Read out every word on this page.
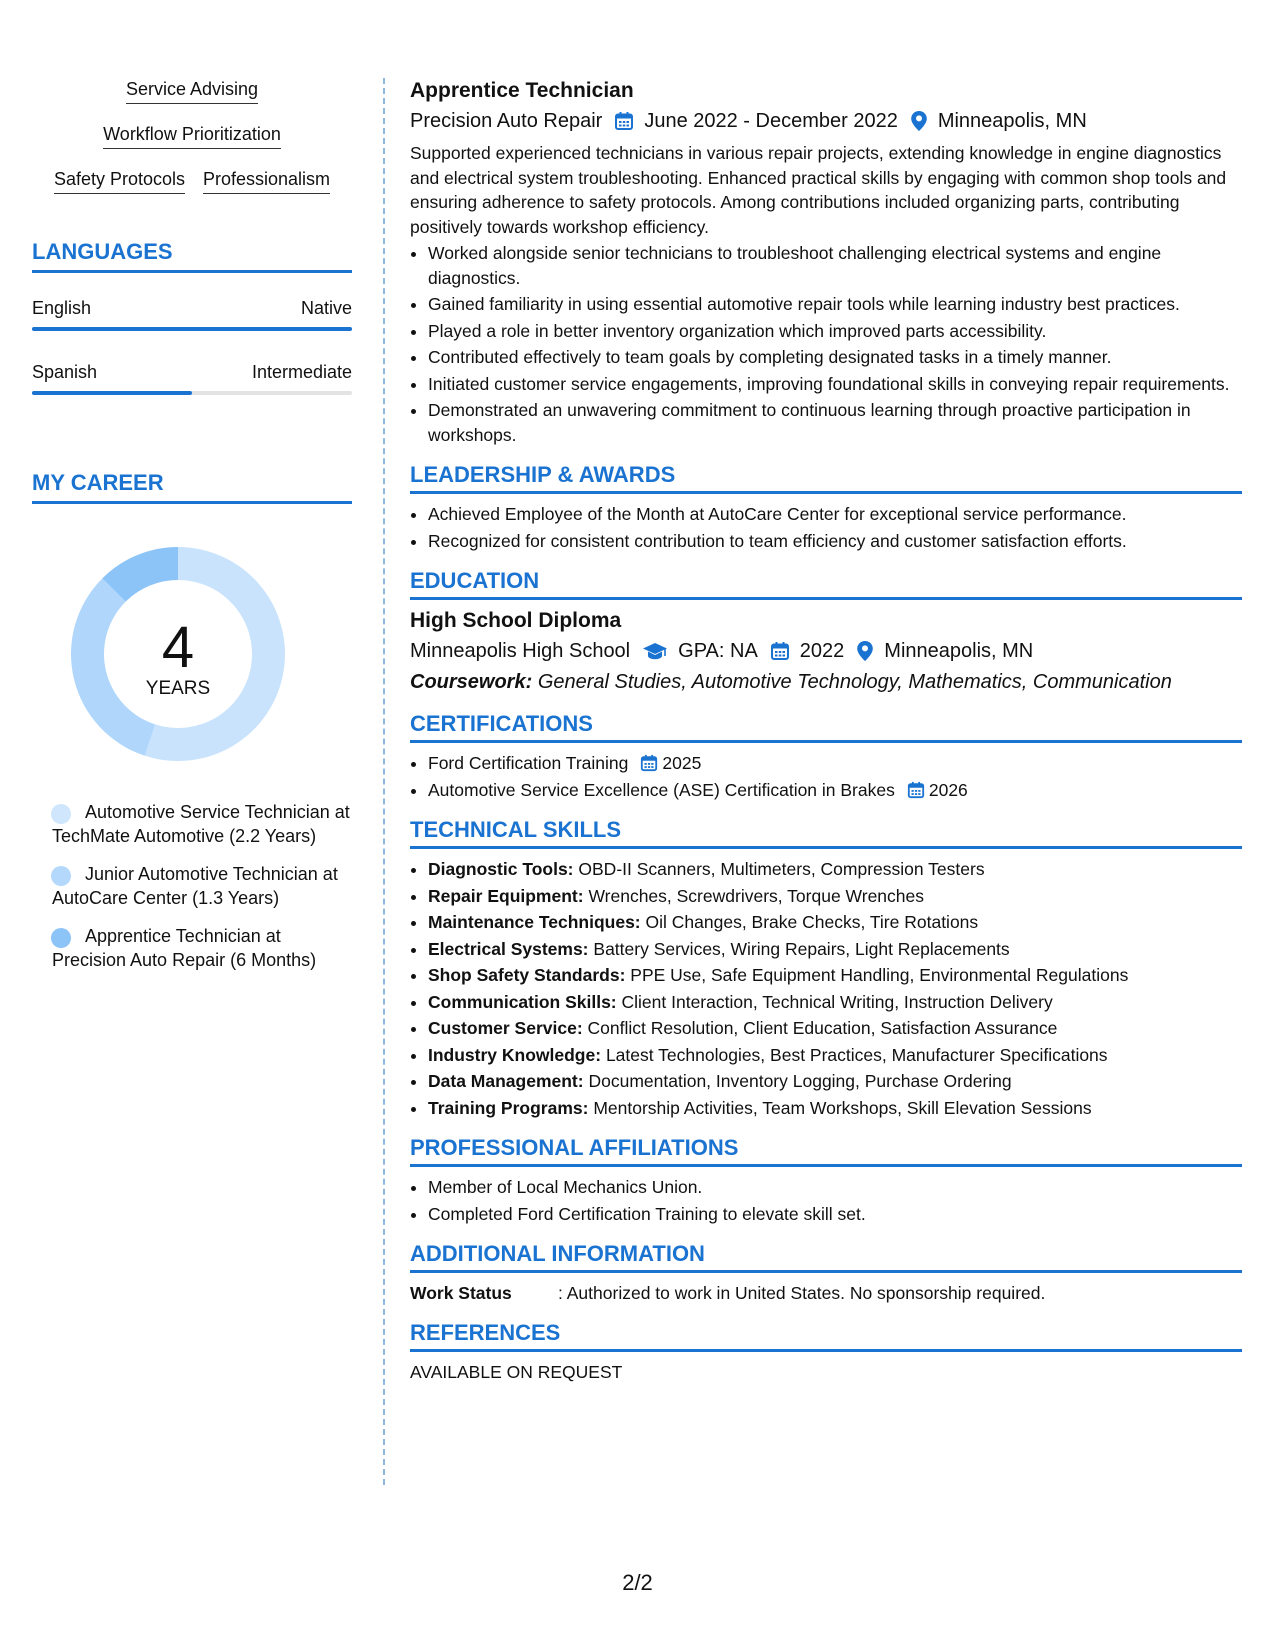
Service Advising
Workflow Prioritization
Safety Protocols Professionalism
LANGUAGES
English	Native
Spanish	Intermediate
MY CAREER
4
YEARS
Automotive Service Technician at TechMate Automotive (2.2 Years)
Junior Automotive Technician at AutoCare Center (1.3 Years)
Apprentice Technician at Precision Auto Repair (6 Months)
Apprentice Technician
Precision Auto Repair June 2022 - December 2022 Minneapolis, MN

Supported experienced technicians in various repair projects, extending knowledge in engine diagnostics and electrical system troubleshooting. Enhanced practical skills by engaging with common shop tools and ensuring adherence to safety protocols. Among contributions included organizing parts, contributing positively towards workshop efficiency.

• Worked alongside senior technicians to troubleshoot challenging electrical systems and engine diagnostics.
• Gained familiarity in using essential automotive repair tools while learning industry best practices.
• Played a role in better inventory organization which improved parts accessibility.
• Contributed effectively to team goals by completing designated tasks in a timely manner.
• Initiated customer service engagements, improving foundational skills in conveying repair requirements.
• Demonstrated an unwavering commitment to continuous learning through proactive participation in workshops.
LEADERSHIP & AWARDS
• Achieved Employee of the Month at AutoCare Center for exceptional service performance.
• Recognized for consistent contribution to team efficiency and customer satisfaction efforts.
EDUCATION
High School Diploma
Minneapolis High School GPA: NA 2022 Minneapolis, MN
Coursework: General Studies, Automotive Technology, Mathematics, Communication
CERTIFICATIONS
• Ford Certification Training 2025
• Automotive Service Excellence (ASE) Certification in Brakes 2026
TECHNICAL SKILLS
• Diagnostic Tools: OBD-II Scanners, Multimeters, Compression Testers
• Repair Equipment: Wrenches, Screwdrivers, Torque Wrenches
• Maintenance Techniques: Oil Changes, Brake Checks, Tire Rotations
• Electrical Systems: Battery Services, Wiring Repairs, Light Replacements
• Shop Safety Standards: PPE Use, Safe Equipment Handling, Environmental Regulations
• Communication Skills: Client Interaction, Technical Writing, Instruction Delivery
• Customer Service: Conflict Resolution, Client Education, Satisfaction Assurance
• Industry Knowledge: Latest Technologies, Best Practices, Manufacturer Specifications
• Data Management: Documentation, Inventory Logging, Purchase Ordering
• Training Programs: Mentorship Activities, Team Workshops, Skill Elevation Sessions
PROFESSIONAL AFFILIATIONS
• Member of Local Mechanics Union.
• Completed Ford Certification Training to elevate skill set.
ADDITIONAL INFORMATION
Work Status	: Authorized to work in United States. No sponsorship required.
REFERENCES
AVAILABLE ON REQUEST
2/2
